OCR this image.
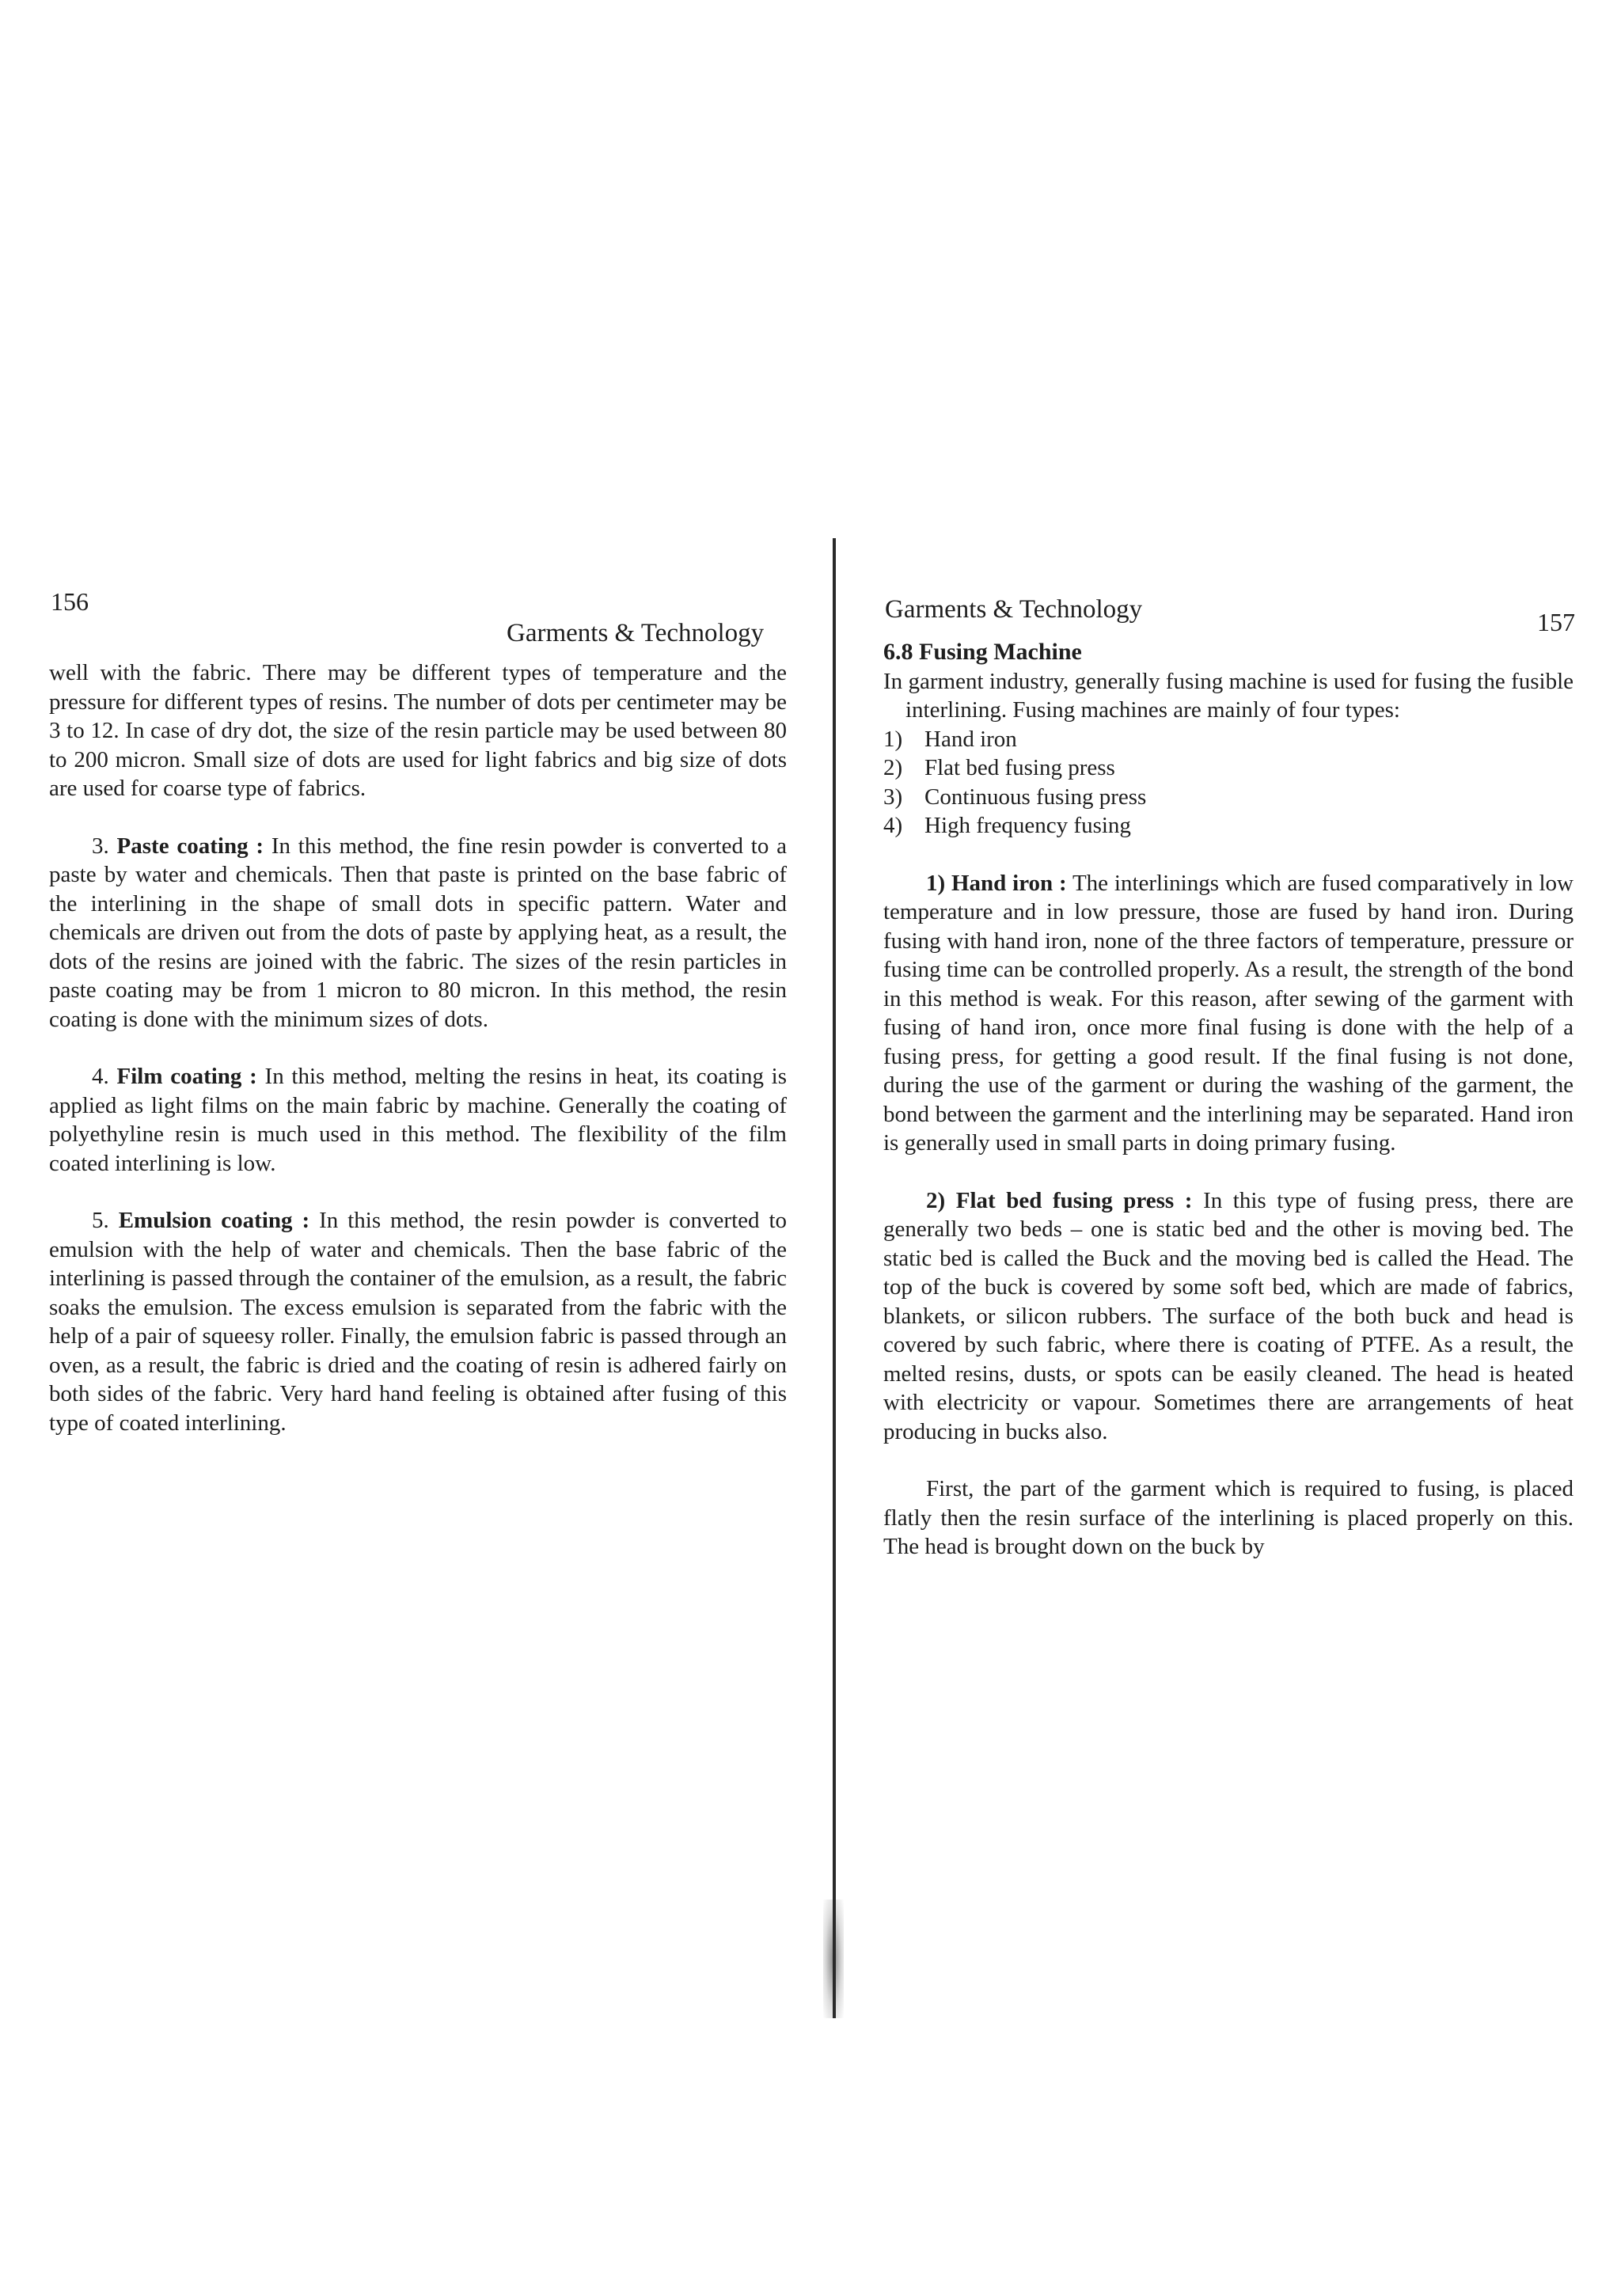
156
Garments & Technology

well with the fabric. There may be different types of temperature and the pressure for different types of resins. The number of dots per centimeter may be 3 to 12. In case of dry dot, the size of the resin particle may be used between 80 to 200 micron. Small size of dots are used for light fabrics and big size of dots are used for coarse type of fabrics.

3. Paste coating : In this method, the fine resin powder is converted to a paste by water and chemicals. Then that paste is printed on the base fabric of the interlining in the shape of small dots in specific pattern. Water and chemicals are driven out from the dots of paste by applying heat, as a result, the dots of the resins are joined with the fabric. The sizes of the resin particles in paste coating may be from 1 micron to 80 micron. In this method, the resin coating is done with the minimum sizes of dots.

4. Film coating : In this method, melting the resins in heat, its coating is applied as light films on the main fabric by machine. Generally the coating of polyethyline resin is much used in this method. The flexibility of the film coated interlining is low.

5. Emulsion coating : In this method, the resin powder is converted to emulsion with the help of water and chemicals. Then the base fabric of the interlining is passed through the container of the emulsion, as a result, the fabric soaks the emulsion. The excess emulsion is separated from the fabric with the help of a pair of squeesy roller. Finally, the emulsion fabric is passed through an oven, as a result, the fabric is dried and the coating of resin is adhered fairly on both sides of the fabric. Very hard hand feeling is obtained after fusing of this type of coated interlining.

Garments & Technology	157

6.8 Fusing Machine

In garment industry, generally fusing machine is used for fusing the fusible interlining. Fusing machines are mainly of four types:

1) Hand iron
2) Flat bed fusing press
3) Continuous fusing press
4) High frequency fusing

1) Hand iron : The interlinings which are fused comparatively in low temperature and in low pressure, those are fused by hand iron. During fusing with hand iron, none of the three factors of temperature, pressure or fusing time can be controlled properly. As a result, the strength of the bond in this method is weak. For this reason, after sewing of the garment with fusing of hand iron, once more final fusing is done with the help of a fusing press, for getting a good result. If the final fusing is not done, during the use of the garment or during the washing of the garment, the bond between the garment and the interlining may be separated. Hand iron is generally used in small parts in doing primary fusing.

2) Flat bed fusing press : In this type of fusing press, there are generally two beds – one is static bed and the other is moving bed. The static bed is called the Buck and the moving bed is called the Head. The top of the buck is covered by some soft bed, which are made of fabrics, blankets, or silicon rubbers. The surface of the both buck and head is covered by such fabric, where there is coating of PTFE. As a result, the melted resins, dusts, or spots can be easily cleaned. The head is heated with electricity or vapour. Sometimes there are arrangements of heat producing in bucks also.

First, the part of the garment which is required to fusing, is placed flatly then the resin surface of the interlining is placed properly on this. The head is brought down on the buck by
